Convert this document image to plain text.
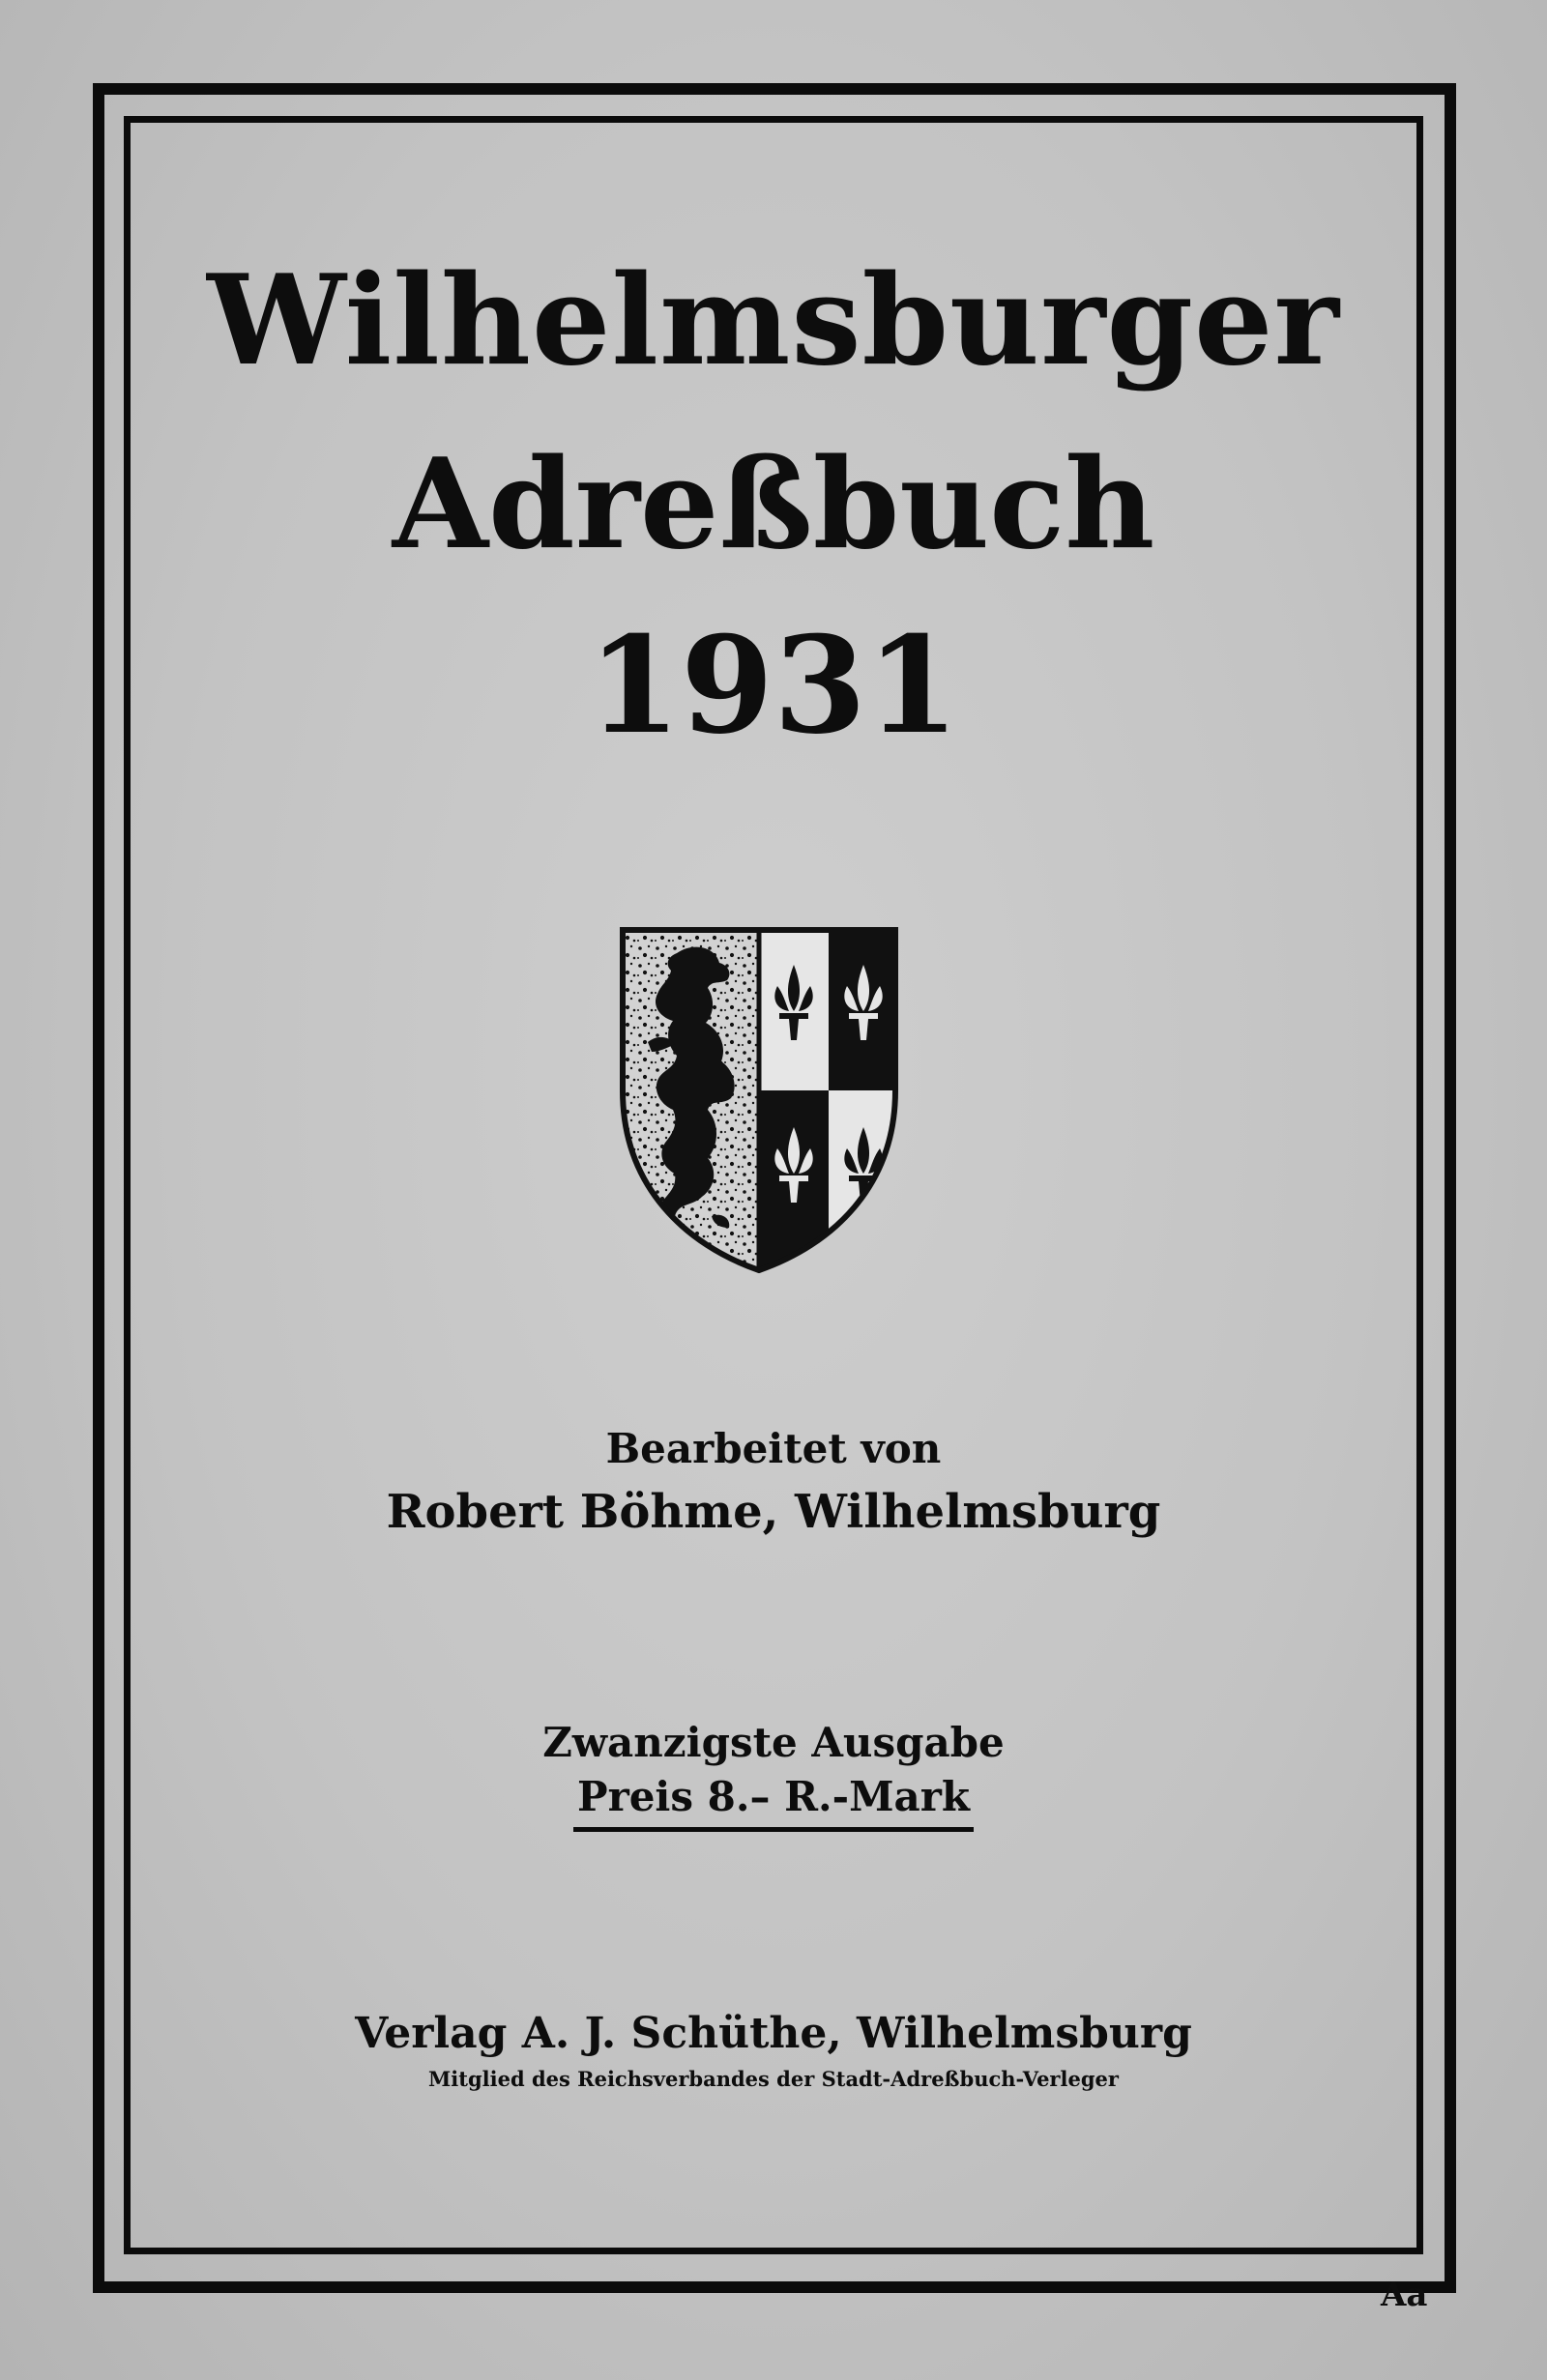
Wilhelmsburger
Adreßbuch
1931
Bearbeitet von
Robert Böhme, Wilhelmsburg
Zwanzigste Ausgabe
Preis 8.– R.-Mark
Verlag A. J. Schüthe, Wilhelmsburg
Mitglied des Reichsverbandes der Stadt-Adreßbuch-Verleger
Aa
